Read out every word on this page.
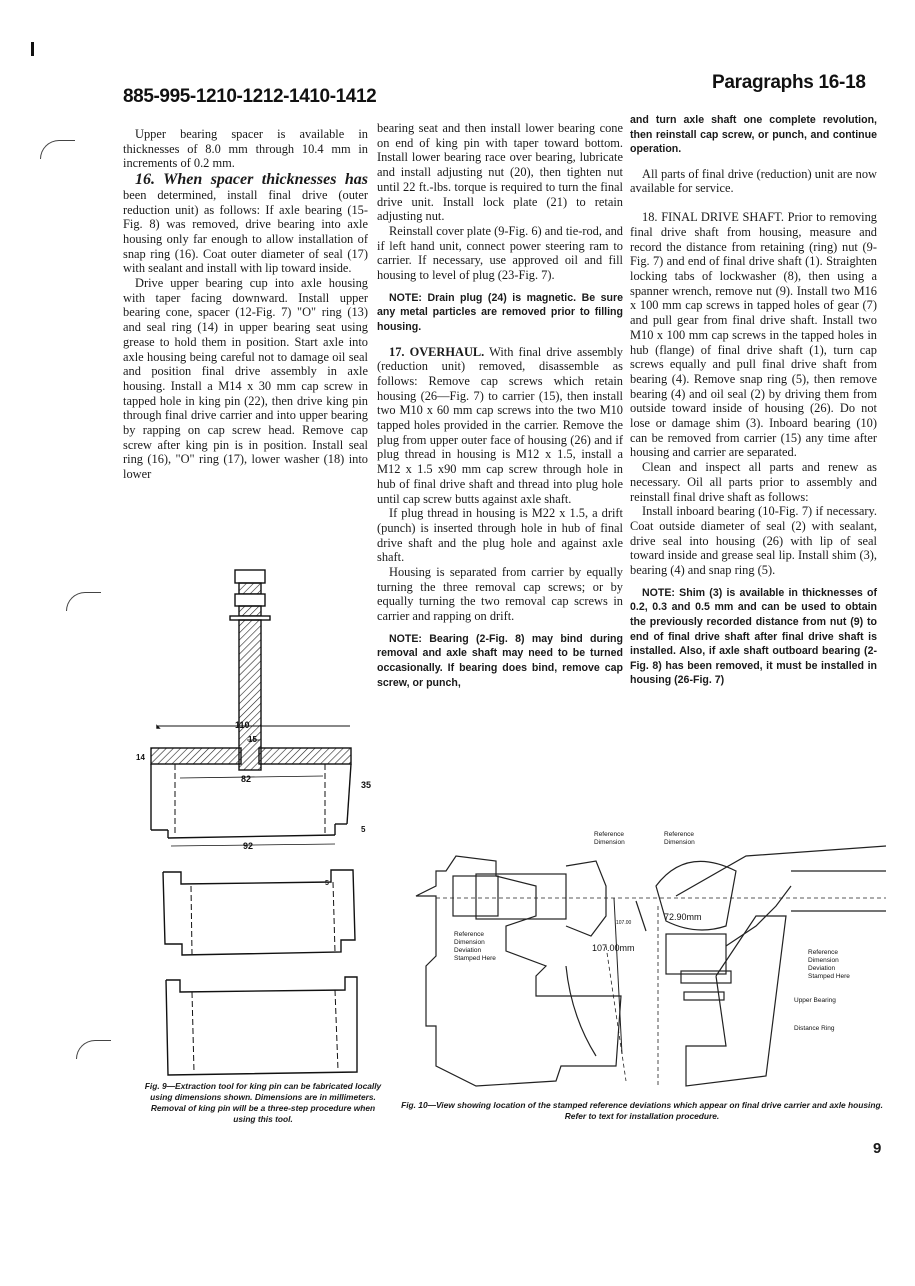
885-995-1210-1212-1410-1412
Paragraphs 16-18

Upper bearing spacer is available in thicknesses of 8.0 mm through 10.4 mm in increments of 0.2 mm.

16. When spacer thicknesses has been determined, install final drive (outer reduction unit) as follows: If axle bearing (15-Fig. 8) was removed, drive bearing into axle housing only far enough to allow installation of snap ring (16). Coat outer diameter of seal (17) with sealant and install with lip toward inside.

Drive upper bearing cup into axle housing with taper facing downward. Install upper bearing cone, spacer (12-Fig. 7) "O" ring (13) and seal ring (14) in upper bearing seat using grease to hold them in position. Start axle into axle housing being careful not to damage oil seal and position final drive assembly in axle housing. Install a M14 x 30 mm cap screw in tapped hole in king pin (22), then drive king pin through final drive carrier and into upper bearing by rapping on cap screw head. Remove cap screw after king pin is in position. Install seal ring (16), "O" ring (17), lower washer (18) into lower

bearing seat and then install lower bearing cone on end of king pin with taper toward bottom. Install lower bearing race over bearing, lubricate and install adjusting nut (20), then tighten nut until 22 ft.-lbs. torque is required to turn the final drive unit. Install lock plate (21) to retain adjusting nut.

Reinstall cover plate (9-Fig. 6) and tie-rod, and if left hand unit, connect power steering ram to carrier. If necessary, use approved oil and fill housing to level of plug (23-Fig. 7).

NOTE: Drain plug (24) is magnetic. Be sure any metal particles are removed prior to filling housing.

17. OVERHAUL. With final drive assembly (reduction unit) removed, disassemble as follows: Remove cap screws which retain housing (26—Fig. 7) to carrier (15), then install two M10 x 60 mm cap screws into the two M10 tapped holes provided in the carrier. Remove the plug from upper outer face of housing (26) and if plug thread in housing is M12 x 1.5, install a M12 x 1.5 x90 mm cap screw through hole in hub of final drive shaft and thread into plug hole until cap screw butts against axle shaft.

If plug thread in housing is M22 x 1.5, a drift (punch) is inserted through hole in hub of final drive shaft and the plug hole and against axle shaft.

Housing is separated from carrier by equally turning the three removal cap screws; or by equally turning the two removal cap screws in carrier and rapping on drift.

NOTE: Bearing (2-Fig. 8) may bind during removal and axle shaft may need to be turned occasionally. If bearing does bind, remove cap screw, or punch,

and turn axle shaft one complete revolution, then reinstall cap screw, or punch, and continue operation.

All parts of final drive (reduction) unit are now available for service.

18. FINAL DRIVE SHAFT. Prior to removing final drive shaft from housing, measure and record the distance from retaining (ring) nut (9-Fig. 7) and end of final drive shaft (1). Straighten locking tabs of lockwasher (8), then using a spanner wrench, remove nut (9). Install two M16 x 100 mm cap screws in tapped holes of gear (7) and pull gear from final drive shaft. Install two M10 x 100 mm cap screws in the tapped holes in hub (flange) of final drive shaft (1), turn cap screws equally and pull final drive shaft from bearing (4). Remove snap ring (5), then remove bearing (4) and oil seal (2) by driving them from outside toward inside of housing (26). Do not lose or damage shim (3). Inboard bearing (10) can be removed from carrier (15) any time after housing and carrier are separated.

Clean and inspect all parts and renew as necessary. Oil all parts prior to assembly and reinstall final drive shaft as follows:

Install inboard bearing (10-Fig. 7) if necessary. Coat outside diameter of seal (2) with sealant, drive seal into housing (26) with lip of seal toward inside and grease seal lip. Install shim (3), bearing (4) and snap ring (5).

NOTE: Shim (3) is available in thicknesses of 0.2, 0.3 and 0.5 mm and can be used to obtain the previously recorded distance from nut (9) to end of final drive shaft after final drive shaft is installed. Also, if axle shaft outboard bearing (2-Fig. 8) has been removed, it must be installed in housing (26-Fig. 7)

110
15
14
82
35
5
92
5
Fig. 9—Extraction tool for king pin can be fabricated locally using dimensions shown. Dimensions are in millimeters. Removal of king pin will be a three-step procedure when using this tool.
Reference
Dimension
Reference
Dimension
Reference
Dimension
Deviation
Stamped Here
107.00mm
107.00
72.90mm
Reference
Dimension
Deviation
Stamped Here
Upper Bearing
Distance Ring
Fig. 10—View showing location of the stamped reference deviations which appear on final drive carrier and axle housing. Refer to text for installation procedure.
9
